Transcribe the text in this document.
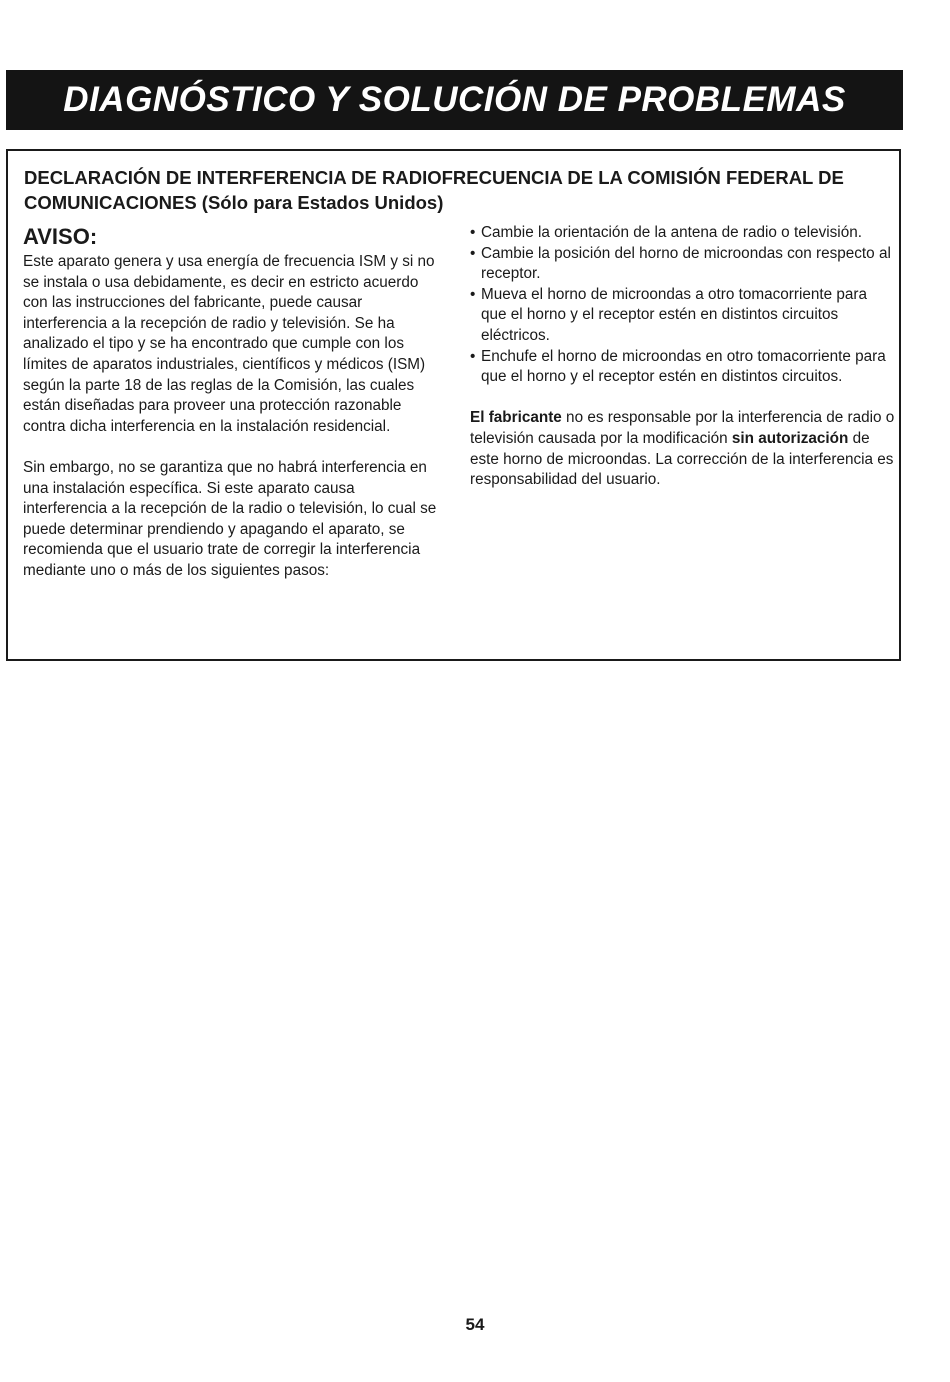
DIAGNÓSTICO Y SOLUCIÓN DE PROBLEMAS

DECLARACIÓN DE INTERFERENCIA DE RADIOFRECUENCIA DE LA COMISIÓN FEDERAL DE COMUNICACIONES (Sólo para Estados Unidos)

AVISO:

Este aparato genera y usa energía de frecuencia ISM y si no se instala o usa debidamente, es decir en estricto acuerdo con las instrucciones del fabricante, puede causar interferencia a la recepción de radio y televisión. Se ha analizado el tipo y se ha encontrado que cumple con los límites de aparatos industriales, científicos y médicos (ISM) según la parte 18 de las reglas de la Comisión, las cuales están diseñadas para proveer una protección razonable contra dicha interferencia en la instalación residencial.

Sin embargo, no se garantiza que no habrá interferencia en una instalación específica. Si este aparato causa interferencia a la recepción de la radio o televisión, lo cual se puede determinar prendiendo y apagando el aparato, se recomienda que el usuario trate de corregir la interferencia mediante uno o más de los siguientes pasos:

• Cambie la orientación de la antena de radio o televisión.
• Cambie la posición del horno de microondas con respecto al receptor.
• Mueva el horno de microondas a otro tomacorriente para que el horno y el receptor estén en distintos circuitos eléctricos.
• Enchufe el horno de microondas en otro tomacorriente para que el horno y el receptor estén en distintos circuitos.

El fabricante no es responsable por la interferencia de radio o televisión causada por la modificación sin autorización de este horno de microondas. La corrección de la interferencia es responsabilidad del usuario.

54
